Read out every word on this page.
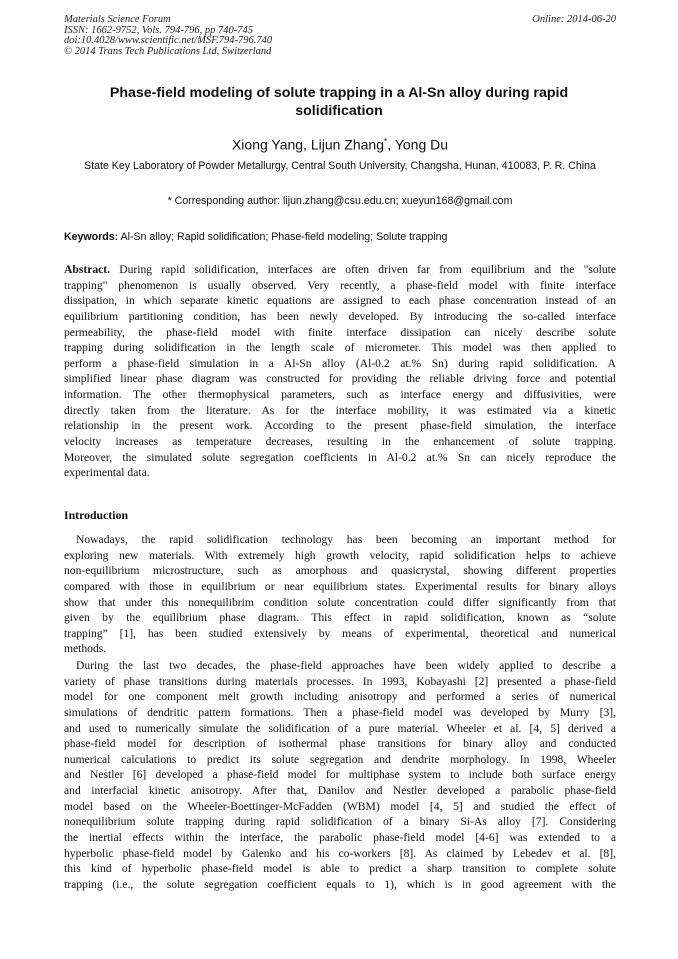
Materials Science Forum
ISSN: 1662-9752, Vols. 794-796, pp 740-745
doi:10.4028/www.scientific.net/MSF.794-796.740
© 2014 Trans Tech Publications Ltd, Switzerland
Online: 2014-06-20
Phase-field modeling of solute trapping in a Al-Sn alloy during rapid solidification
Xiong Yang, Lijun Zhang*, Yong Du
State Key Laboratory of Powder Metallurgy, Central South University, Changsha, Hunan, 410083, P. R. China
* Corresponding author: lijun.zhang@csu.edu.cn; xueyun168@gmail.com
Keywords: Al-Sn alloy; Rapid solidification; Phase-field modeling; Solute trapping
Abstract. During rapid solidification, interfaces are often driven far from equilibrium and the "solute
trapping" phenomenon is usually observed. Very recently, a phase-field model with finite interface
dissipation, in which separate kinetic equations are assigned to each phase concentration instead of an
equilibrium partitioning condition, has been newly developed. By introducing the so-called interface
permeability, the phase-field model with finite interface dissipation can nicely describe solute
trapping during solidification in the length scale of micrometer. This model was then applied to
perform a phase-field simulation in a Al-Sn alloy (Al-0.2 at.% Sn) during rapid solidification. A
simplified linear phase diagram was constructed for providing the reliable driving force and potential
information. The other thermophysical parameters, such as interface energy and diffusivities, were
directly taken from the literature. As for the interface mobility, it was estimated via a kinetic
relationship in the present work. According to the present phase-field simulation, the interface
velocity increases as temperature decreases, resulting in the enhancement of solute trapping.
Moreover, the simulated solute segregation coefficients in Al-0.2 at.% Sn can nicely reproduce the
experimental data.
Introduction
Nowadays, the rapid solidification technology has been becoming an important method for
exploring new materials. With extremely high growth velocity, rapid solidification helps to achieve
non-equilibrium microstructure, such as amorphous and quasicrystal, showing different properties
compared with those in equilibrium or near equilibrium states. Experimental results for binary alloys
show that under this nonequilibrim condition solute concentration could differ significantly from that
given by the equilibrium phase diagram. This effect in rapid solidification, known as “solute
trapping” [1], has been studied extensively by means of experimental, theoretical and numerical
methods.
During the last two decades, the phase-field approaches have been widely applied to describe a
variety of phase transitions during materials processes. In 1993, Kobayashi [2] presented a phase-field
model for one component melt growth including anisotropy and performed a series of numerical
simulations of dendritic pattern formations. Then a phase-field model was developed by Murry [3],
and used to numerically simulate the solidification of a pure material. Wheeler et al. [4, 5] derived a
phase-field model for description of isothermal phase transitions for binary alloy and conducted
numerical calculations to predict its solute segregation and dendrite morphology. In 1998, Wheeler
and Nestler [6] developed a phase-field model for multiphase system to include both surface energy
and interfacial kinetic anisotropy. After that, Danilov and Nestler developed a parabolic phase-field
model based on the Wheeler-Boettinger-McFadden (WBM) model [4, 5] and studied the effect of
nonequilibrium solute trapping during rapid solidification of a binary Si-As alloy [7]. Considering
the inertial effects within the interface, the parabolic phase-field model [4-6] was extended to a
hyperbolic phase-field model by Galenko and his co-workers [8]. As claimed by Lebedev et al. [8],
this kind of hyperbolic phase-field model is able to predict a sharp transition to complete solute
trapping (i.e., the solute segregation coefficient equals to 1), which is in good agreement with the
